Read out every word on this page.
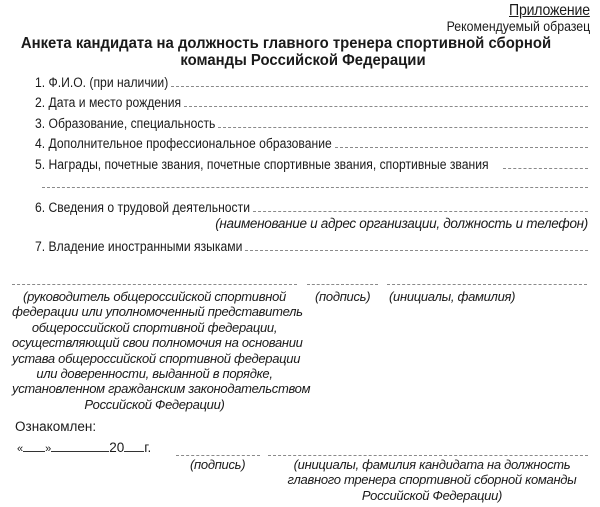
Приложение
Рекомендуемый образец
Анкета кандидата на должность главного тренера спортивной сборной
команды Российской Федерации
1. Ф.И.О. (при наличии)
2. Дата и место рождения
3. Образование, специальность
4. Дополнительное профессиональное образование
5. Награды, почетные звания, почетные спортивные звания, спортивные звания
6. Сведения о трудовой деятельности
(наименование и адрес организации, должность и телефон)
7. Владение иностранными языками
(руководитель общероссийской спортивной
федерации или уполномоченный представитель
общероссийской спортивной федерации,
осуществляющий свои полномочия на основании
устава общероссийской спортивной федерации
или доверенности, выданной в порядке,
установленном гражданским законодательством
Российской Федерации)
(подпись) (инициалы, фамилия)
Ознакомлен:
« »	20 г.
(подпись)	(инициалы, фамилия кандидата на должность
главного тренера спортивной сборной команды
Российской Федерации)
